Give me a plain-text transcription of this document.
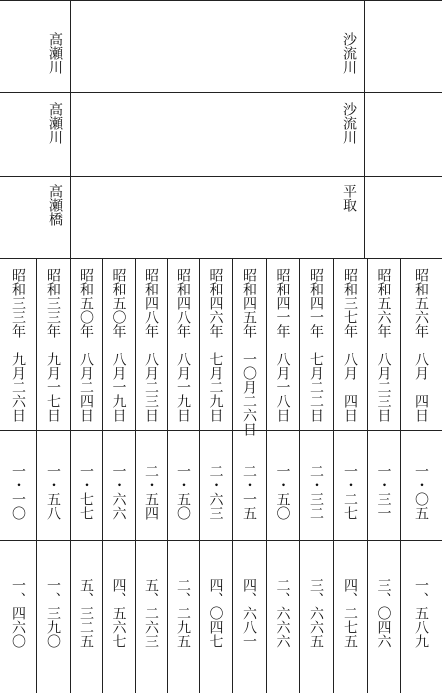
沙流川
高瀬川
沙流川
高瀬川
平取
高瀬橋
昭和五六年
八月　四日
一・〇五
一、五八九
昭和五六年
八月二三日
一・三一
三、〇四六
昭和三七年
八月　四日
一・二七
四、二七五
昭和四一年
七月二二日
二・三二
三、六六五
昭和四一年
八月一八日
一・五〇
二、六六六
昭和四五年
一〇月二六日
二・一五
四、六八一
昭和四六年
七月二九日
二・六三
四、〇四七
昭和四八年
八月一九日
一・五〇
二、二九五
昭和四八年
八月二三日
二・五四
五、二六三
昭和五〇年
八月一九日
一・六六
四、五六七
昭和五〇年
八月二四日
一・七七
五、三二五
昭和三三年
九月一七日
一・五八
一、三九〇
昭和三三年
九月二六日
一・一〇
一、四六〇
